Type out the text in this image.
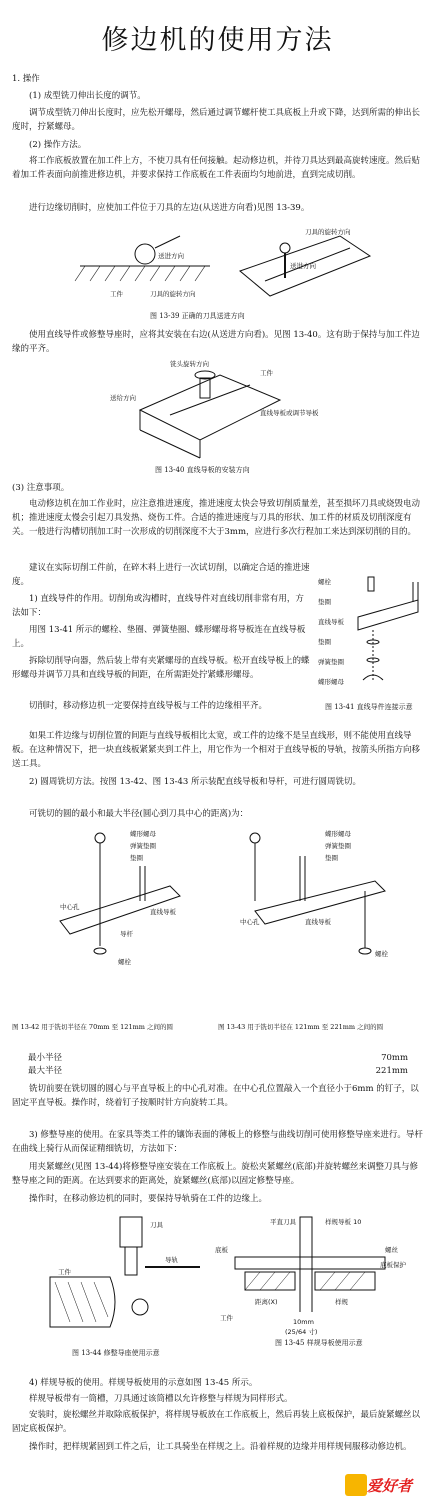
修边机的使用方法

1. 操作

(1) 成型铣刀伸出长度的调节。

调节成型铣刀伸出长度时，应先松开螺母，然后通过调节螺杆使工具底板上升或下降，达到所需的伸出长度时，拧紧螺母。

(2) 操作方法。

将工作底板放置在加工件上方，不使刀具有任何接触。起动修边机，并待刀具达到最高旋转速度。然后贴着加工件表面向前推进修边机，并要求保持工作底板在工件表面均匀地前进，直到完成切削。

进行边缘切削时，应使加工件位于刀具的左边(从送进方向看)见图 13-39。

送进方向
工件	刀具的旋转方向
刀具的旋转方向
送进方向
图 13-39 正确的刀具送进方向

使用直线导件或修整导座时，应将其安装在右边(从送进方向看)。见图 13-40。这有助于保持与加工件边缘的平齐。

铣头旋转方向
工件
送给方向
直线导板或调节导板
图 13-40 直线导板的安装方向

(3) 注意事项。

电动修边机在加工作业时，应注意推进速度，推进速度太快会导致切削质量差，甚至损坏刀具或烧毁电动机；推进速度太慢会引起刀具发热、烧伤工件。合适的推进速度与刀具的形状、加工件的材质及切削深度有关。一般进行沟槽切削加工时一次形成的切削深度不大于3mm，应进行多次行程加工来达到深切削的目的。

建议在实际切削工件前，在碎木料上进行一次试切削，以确定合适的推进速度。

1) 直线导件的作用。切削角或沟槽时，直线导件对直线切削非常有用，方法如下：

用图 13-41 所示的螺栓、垫圈、弹簧垫圈、蝶形螺母将导板连在直线导板上。

拆除切削导向器，然后装上带有夹紧螺母的直线导板。松开直线导板上的蝶形螺母并调节刀具和直线导板的间距，在所需距处拧紧蝶形螺母。

切削时，移动修边机一定要保持直线导板与工件的边缘相平齐。

螺栓
垫圈
直线导板
垫圈
弹簧垫圈
蝶形螺母
图 13-41 直线导件连接示意

如果工件边缘与切削位置的间距与直线导板相比太宽，或工件的边缘不是呈直线形，则不能使用直线导板。在这种情况下，把一块直线板紧紧夹到工件上，用它作为一个相对于直线导板的导轨，按箭头所指方向移送工具。

2) 圆周铣切方法。按图 13-42、图 13-43 所示装配直线导板和导杆，可进行圆周铣切。

可铣切的圆的最小和最大半径(圆心到刀具中心的距离)为：

蝶形螺母
弹簧垫圈
垫圈
中心孔
直线导板
导杆
螺栓
蝶形螺母
弹簧垫圈
垫圈
中心孔	直线导板
螺栓
图 13-42 用于铣切半径在 70mm 至 121mm 之间的圆	图 13-43 用于铣切半径在 121mm 至 221mm 之间的圆
最小半径	70mm
最大半径	221mm

铣切前要在铣切圆的圆心与平直导板上的中心孔对准。在中心孔位置敲入一个直径小于6mm 的钉子，以固定平直导板。操作时，绕着钉子按顺时针方向旋转工具。

3) 修整导座的使用。在家具等类工件的镶饰表面的薄板上的修整与曲线切削可使用修整导座来进行。导杆在曲线上骑行从而保证精细铣切，方法如下：

用夹紧螺丝(见图 13-44)将修整导座安装在工作底板上。旋松夹紧螺丝(底部)并旋转螺丝来调整刀具与修整导座之间的距离。在达到要求的距离处，旋紧螺丝(底部)以固定修整导座。

操作时，在移动修边机的同时，要保持导轨骑在工件的边缘上。

刀具
导轨
工件
平直刀具	样规导板 10
底板	螺丝
底板保护
距离(X)	样规
工件	10mm
(25/64 寸)
图 13-44 修整导座使用示意
图 13-45 样规导板使用示意

4) 样规导板的使用。样规导板使用的示意如图 13-45 所示。

样规导板带有一筒槽，刀具通过该筒槽以允许修整与样规为同样形式。

安装时，旋松螺丝并取除底板保护，将样规导板放在工作底板上，然后再装上底板保护，最后旋紧螺丝以固定底板保护。

操作时，把样规紧固到工件之后，让工具骑坐在样规之上。沿着样规的边缘并用样规伺服移动修边机。

爱好者
